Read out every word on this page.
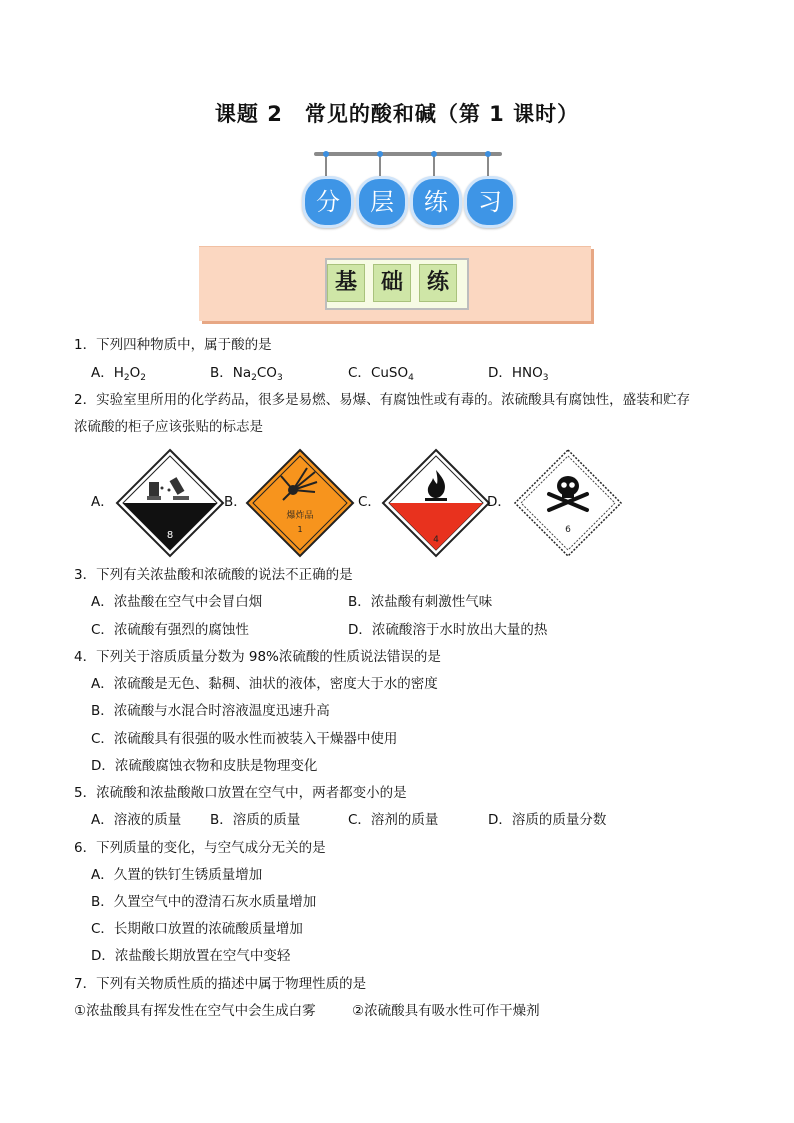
课题 2　常见的酸和碱（第 1 课时）
分	层	练	习
基	础	练
1．下列四种物质中，属于酸的是
A．$H_2O_2$	B．$Na_2CO_3$	C．CuSO$_4$	D．$HNO_3$
2．实验室里所用的化学药品，很多是易燃、易爆、有腐蚀性或有毒的。浓硫酸具有腐蚀性，盛装和贮存
浓硫酸的柜子应该张贴的标志是
A．
8
B．
爆炸品
1
C．
4
D．
6
3．下列有关浓盐酸和浓硫酸的说法不正确的是
A．浓盐酸在空气中会冒白烟	B．浓盐酸有刺激性气味
C．浓硫酸有强烈的腐蚀性	D．浓硫酸溶于水时放出大量的热
4．下列关于溶质质量分数为 98%浓硫酸的性质说法错误的是
A．浓硫酸是无色、黏稠、油状的液体，密度大于水的密度
B．浓硫酸与水混合时溶液温度迅速升高
C．浓硫酸具有很强的吸水性而被装入干燥器中使用
D．浓硫酸腐蚀衣物和皮肤是物理变化
5．浓硫酸和浓盐酸敞口放置在空气中，两者都变小的是
A．溶液的质量 B．溶质的质量	C．溶剂的质量	D．溶质的质量分数
6．下列质量的变化，与空气成分无关的是
A．久置的铁钉生锈质量增加
B．久置空气中的澄清石灰水质量增加
C．长期敞口放置的浓硫酸质量增加
D．浓盐酸长期放置在空气中变轻
7．下列有关物质性质的描述中属于物理性质的是
①浓盐酸具有挥发性在空气中会生成白雾	②浓硫酸具有吸水性可作干燥剂
